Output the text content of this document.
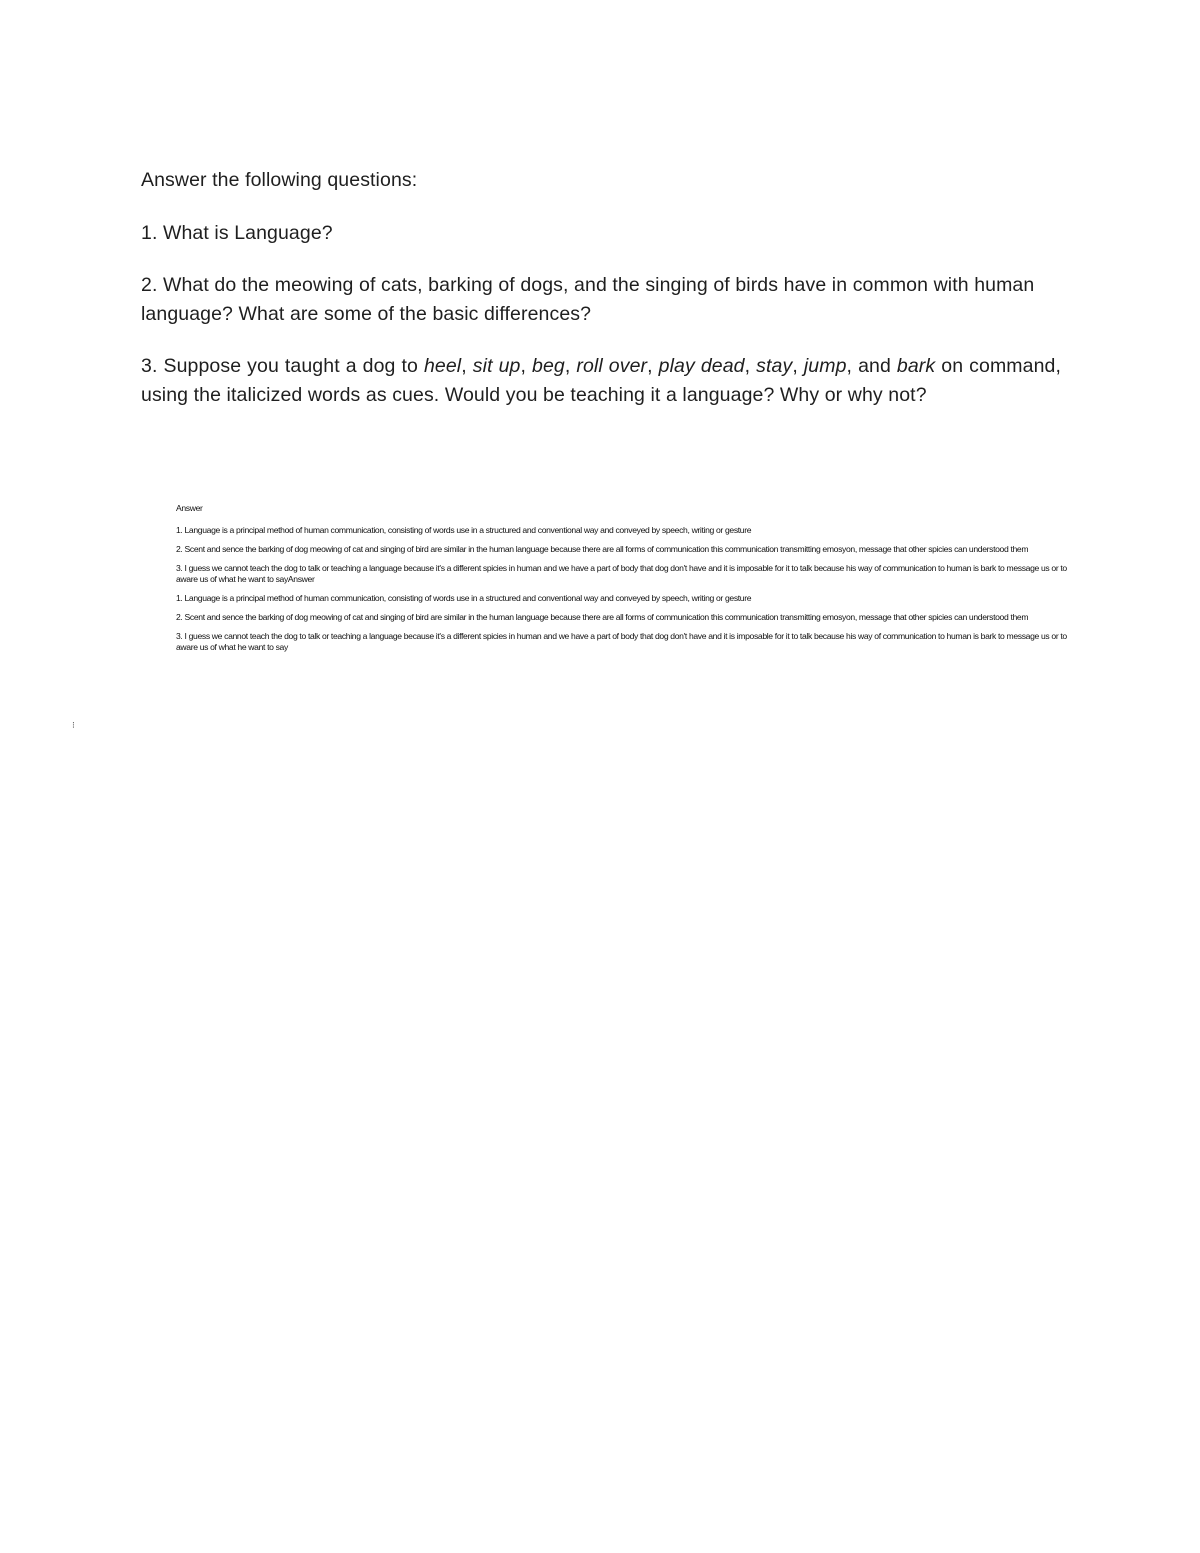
Answer the following questions:

1. What is Language?

2. What do the meowing of cats, barking of dogs, and the singing of birds have in common with human language? What are some of the basic differences?

3. Suppose you taught a dog to heel, sit up, beg, roll over, play dead, stay, jump, and bark on command, using the italicized words as cues. Would you be teaching it a language? Why or why not?

Answer

1. Language is a principal method of human communication, consisting of words use in a structured and conventional way and conveyed by speech, writing or gesture

2. Scent and sence the barking of dog meowing of cat and singing of bird are similar in the human language because there are all forms of communication this communication transmitting emosyon, message that other spicies can understood them

3. I guess we cannot teach the dog to talk or teaching a language because it's a different spicies in human and we have a part of body that dog don't have and it is imposable for it to talk because his way of communication to human is bark to message us or to aware us of what he want to sayAnswer

1. Language is a principal method of human communication, consisting of words use in a structured and conventional way and conveyed by speech, writing or gesture

2. Scent and sence the barking of dog meowing of cat and singing of bird are similar in the human language because there are all forms of communication this communication transmitting emosyon, message that other spicies can understood them

3. I guess we cannot teach the dog to talk or teaching a language because it's a different spicies in human and we have a part of body that dog don't have and it is imposable for it to talk because his way of communication to human is bark to message us or to aware us of what he want to say

⁝
